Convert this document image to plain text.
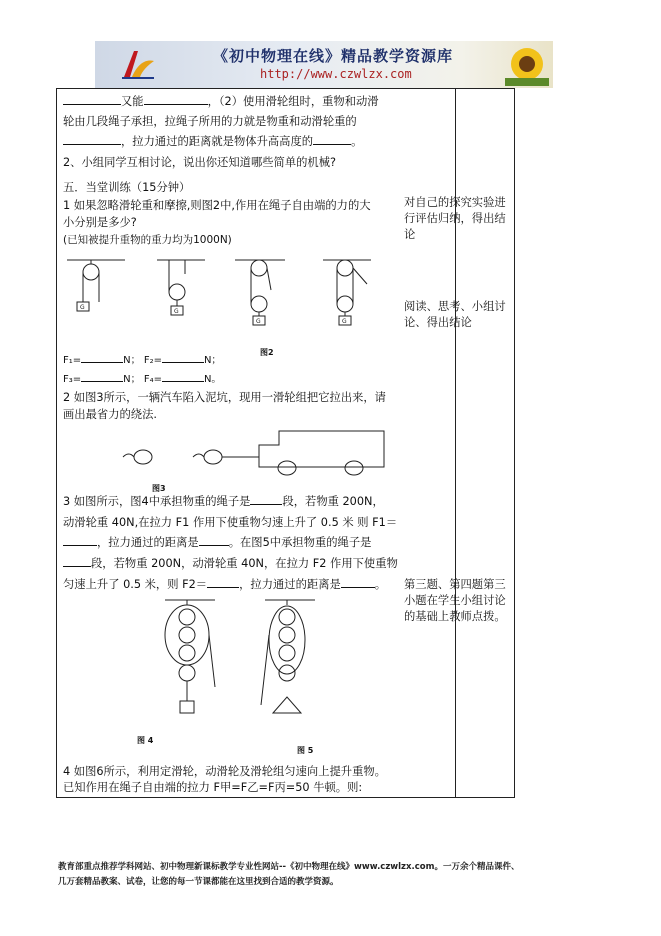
《初中物理在线》精品教学资源库
http://www.czwlzx.com
又能	，（2）使用滑轮组时，重物和动滑
轮由几段绳子承担，拉绳子所用的力就是物重和动滑轮重的
，拉力通过的距离就是物体升高高度的	。
2、小组同学互相讨论，说出你还知道哪些简单的机械?
五．当堂训练（15分钟）
1 如果忽略滑轮重和摩擦,则图2中,作用在绳子自由端的力的大
小分别是多少?
(已知被提升重物的重力均为1000N)
G
G
G	G
图2
F₁=	N； F₂=	N；
F₃=	N； F₄=	N。
2 如图3所示，一辆汽车陷入泥坑，现用一滑轮组把它拉出来，请
画出最省力的绕法.
图3
3 如图所示，图4中承担物重的绳子是	段，若物重 200N，
动滑轮重 40N,在拉力 F1 作用下使重物匀速上升了 0.5 米 则 F1＝
，拉力通过的距离是	。在图5中承担物重的绳子是
段，若物重 200N，动滑轮重 40N，在拉力 F2 作用下使重物
匀速上升了 0.5 米，则 F2＝	，拉力通过的距离是	。
图 4
图 5
4 如图6所示，利用定滑轮，动滑轮及滑轮组匀速向上提升重物。
已知作用在绳子自由端的拉力 F甲=F乙=F丙=50 牛顿。则:
对自己的探究实验进行评估归纳，得出结论
阅读、思考、小组讨论、得出结论
第三题、第四题第三小题在学生小组讨论的基础上教师点拨。
教育部重点推荐学科网站、初中物理新课标教学专业性网站--《初中物理在线》www.czwlzx.com。一万余个精品课件、
几万套精品教案、试卷，让您的每一节课都能在这里找到合适的教学资源。
